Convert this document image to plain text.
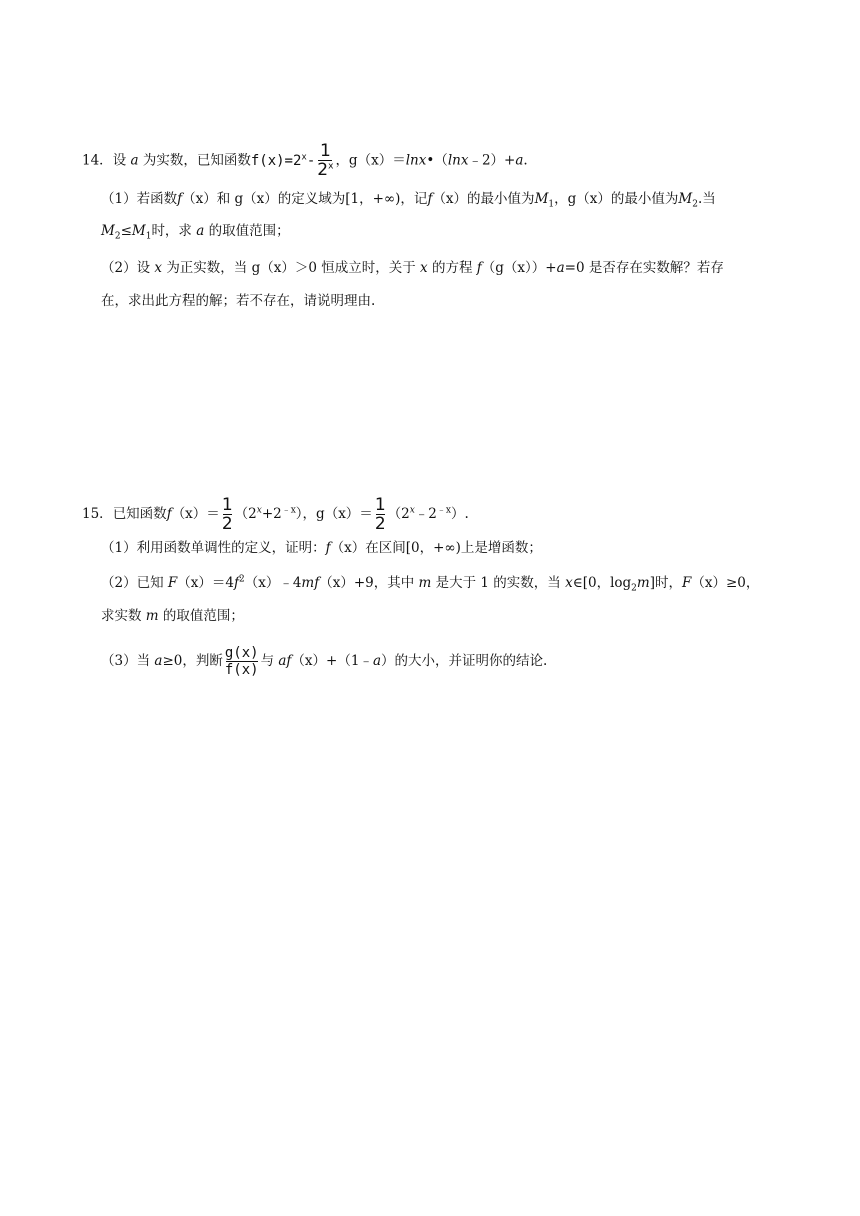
14．设 a 为实数，已知函数$f(x)=2^x- \frac{1}{2^x}$ ，g（x）＝lnx•（lnx﹣2）+a.
（1）若函数f（x）和 g（x）的定义域为[1，+∞)，记f（x）的最小值为$M_1$，g（x）的最小值为$M_2$.当
$M_2\le M_1$时，求 a 的取值范围；
（2）设 x 为正实数，当 g（x）＞0 恒成立时，关于 x 的方程 f（g（x））+a=0 是否存在实数解？若存
在，求出此方程的解；若不存在，请说明理由.
15．已知函数$f(x)= \frac{1}{2} (2^x+2^{﹣x})$，$g(x)= \frac{1}{2}$ $(2^x﹣2^{﹣x})$.
（1）利用函数单调性的定义，证明：f（x）在区间[0，+∞)上是增函数；
（2）已知 $F(x)=4f^2(x)﹣4mf(x)+9$，其中 m 是大于 1 的实数，当 x∈[0，$\log_2m$]时，F（x）≥0，
求实数 m 的取值范围；
（3）当 a≥0，判断 $\frac{g(x)}{f(x)}$ 与 af（x）+（1﹣a）的大小，并证明你的结论.
